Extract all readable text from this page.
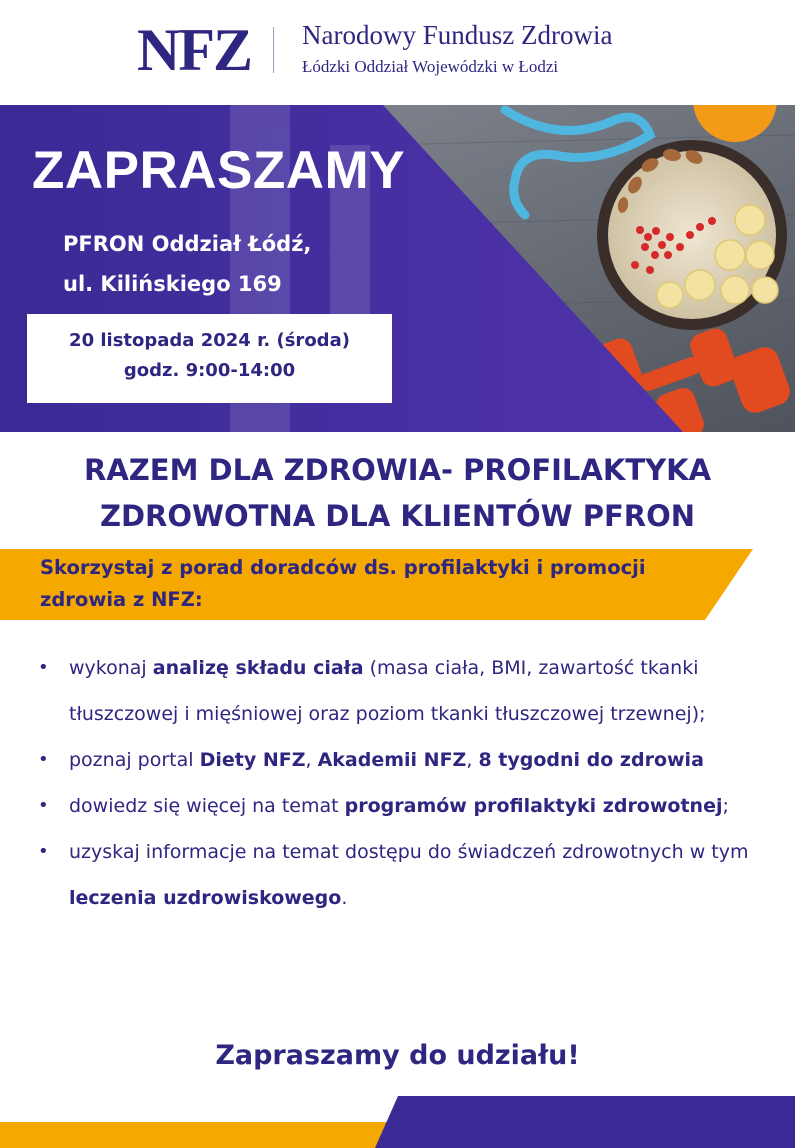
NFZ Narodowy Fundusz Zdrowia
Łódzki Oddział Wojewódzki w Łodzi
ZAPRASZAMY
PFRON Oddział Łódź,
ul. Kilińskiego 169
20 listopada 2024 r. (środa)
godz. 9:00-14:00
RAZEM DLA ZDROWIA- PROFILAKTYKA
ZDROWOTNA DLA KLIENTÓW PFRON
Skorzystaj z porad doradców ds. profilaktyki i promocji
zdrowia z NFZ:
• wykonaj analizę składu ciała (masa ciała, BMI, zawartość tkanki tłuszczowej i mięśniowej oraz poziom tkanki tłuszczowej trzewnej);
• poznaj portal Diety NFZ, Akademii NFZ, 8 tygodni do zdrowia
• dowiedz się więcej na temat programów profilaktyki zdrowotnej;
• uzyskaj informacje na temat dostępu do świadczeń zdrowotnych w tym leczenia uzdrowiskowego.
Zapraszamy do udziału!
